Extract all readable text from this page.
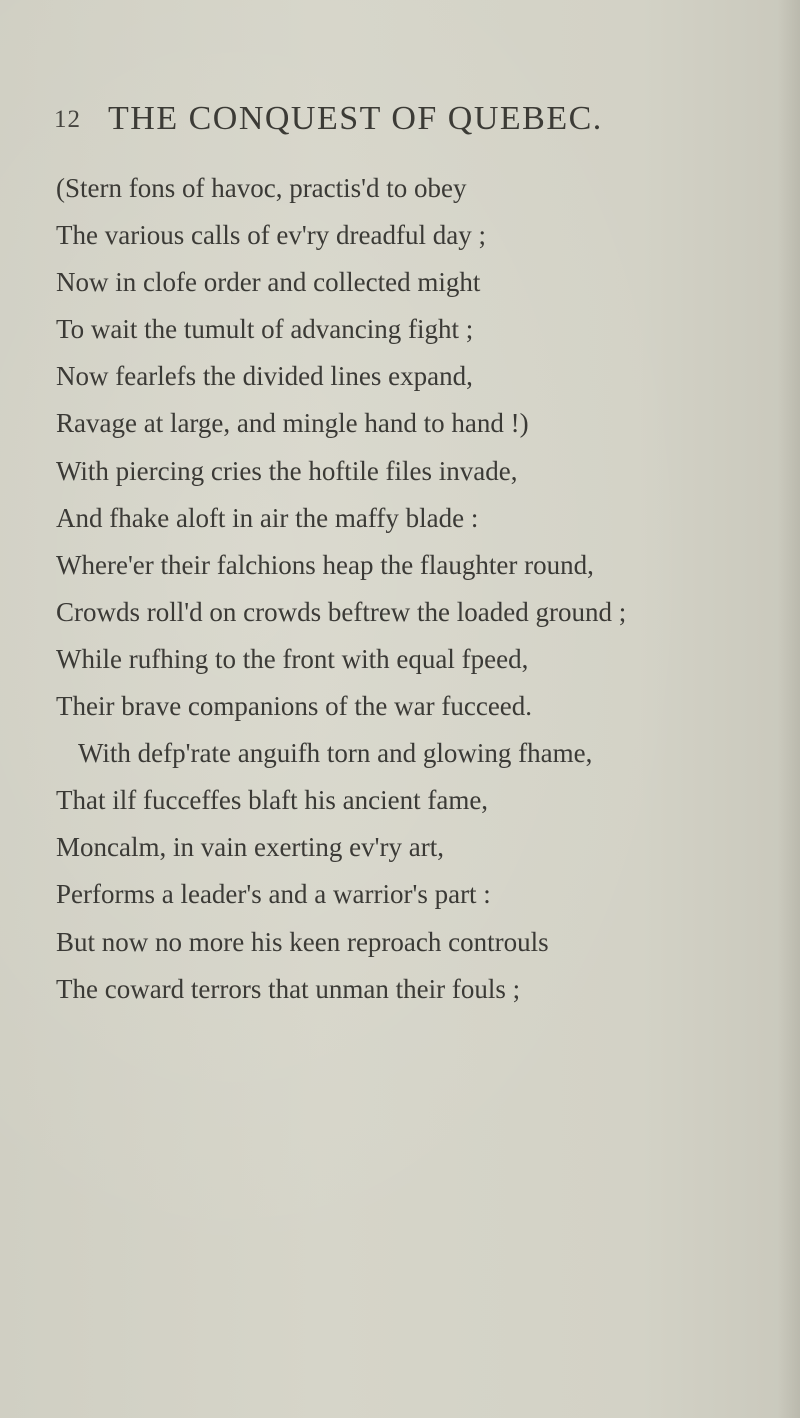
12 THE CONQUEST OF QUEBEC.
(Stern fons of havoc, practis'd to obey
The various calls of ev'ry dreadful day ;
Now in clofe order and collected might
To wait the tumult of advancing fight ;
Now fearlefs the divided lines expand,
Ravage at large, and mingle hand to hand !)
With piercing cries the hoftile files invade,
And fhake aloft in air the maffy blade :
Where'er their falchions heap the flaughter round,
Crowds roll'd on crowds beftrew the loaded ground ;
While rufhing to the front with equal fpeed,
Their brave companions of the war fucceed.
With defp'rate anguifh torn and glowing fhame,
That ilf fucceffes blaft his ancient fame,
Moncalm, in vain exerting ev'ry art,
Performs a leader's and a warrior's part :
But now no more his keen reproach controuls
The coward terrors that unman their fouls ;
